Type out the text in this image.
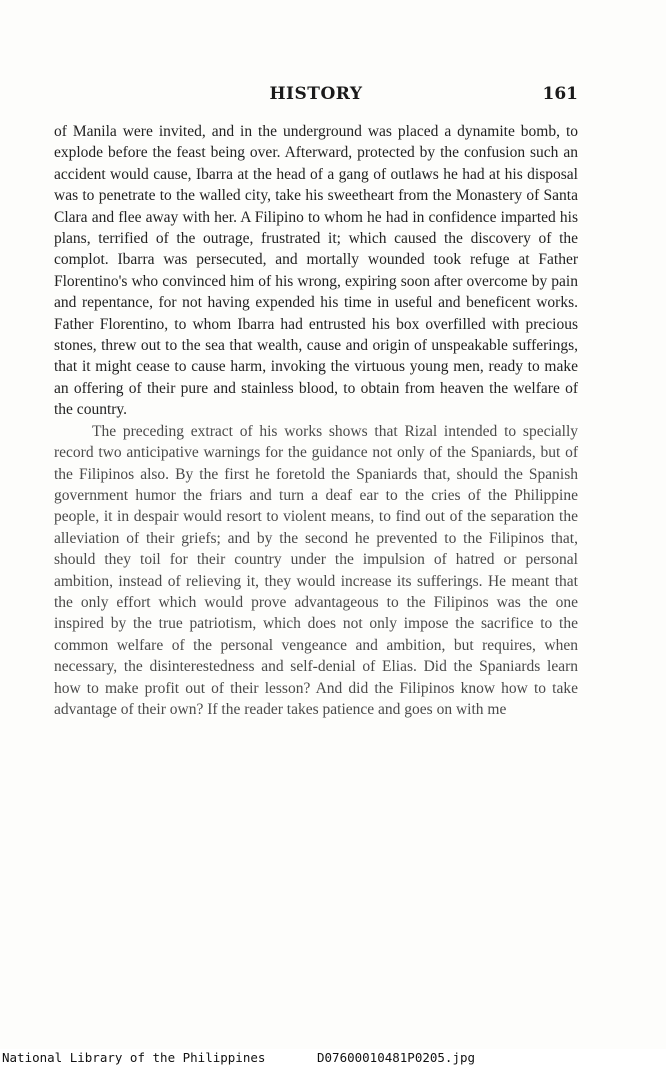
HISTORY	161

of Manila were invited, and in the underground was placed a dynamite bomb, to explode before the feast being over. Afterward, protected by the confusion such an accident would cause, Ibarra at the head of a gang of outlaws he had at his disposal was to penetrate to the walled city, take his sweetheart from the Monastery of Santa Clara and flee away with her. A Filipino to whom he had in confidence imparted his plans, terrified of the outrage, frustrated it; which caused the discovery of the complot. Ibarra was persecuted, and mortally wounded took refuge at Father Florentino's who convinced him of his wrong, expiring soon after overcome by pain and repentance, for not having expended his time in useful and beneficent works. Father Florentino, to whom Ibarra had entrusted his box overfilled with precious stones, threw out to the sea that wealth, cause and origin of unspeakable sufferings, that it might cease to cause harm, invoking the virtuous young men, ready to make an offering of their pure and stainless blood, to obtain from heaven the welfare of the country.

The preceding extract of his works shows that Rizal intended to specially record two anticipative warnings for the guidance not only of the Spaniards, but of the Filipinos also. By the first he foretold the Spaniards that, should the Spanish government humor the friars and turn a deaf ear to the cries of the Philippine people, it in despair would resort to violent means, to find out of the separation the alleviation of their griefs; and by the second he prevented to the Filipinos that, should they toil for their country under the impulsion of hatred or personal ambition, instead of relieving it, they would increase its sufferings. He meant that the only effort which would prove advantageous to the Filipinos was the one inspired by the true patriotism, which does not only impose the sacrifice to the common welfare of the personal vengeance and ambition, but requires, when necessary, the disinterestedness and self-denial of Elias. Did the Spaniards learn how to make profit out of their lesson? And did the Filipinos know how to take advantage of their own? If the reader takes patience and goes on with me

National Library of the Philippines	D07600010481P0205.jpg
